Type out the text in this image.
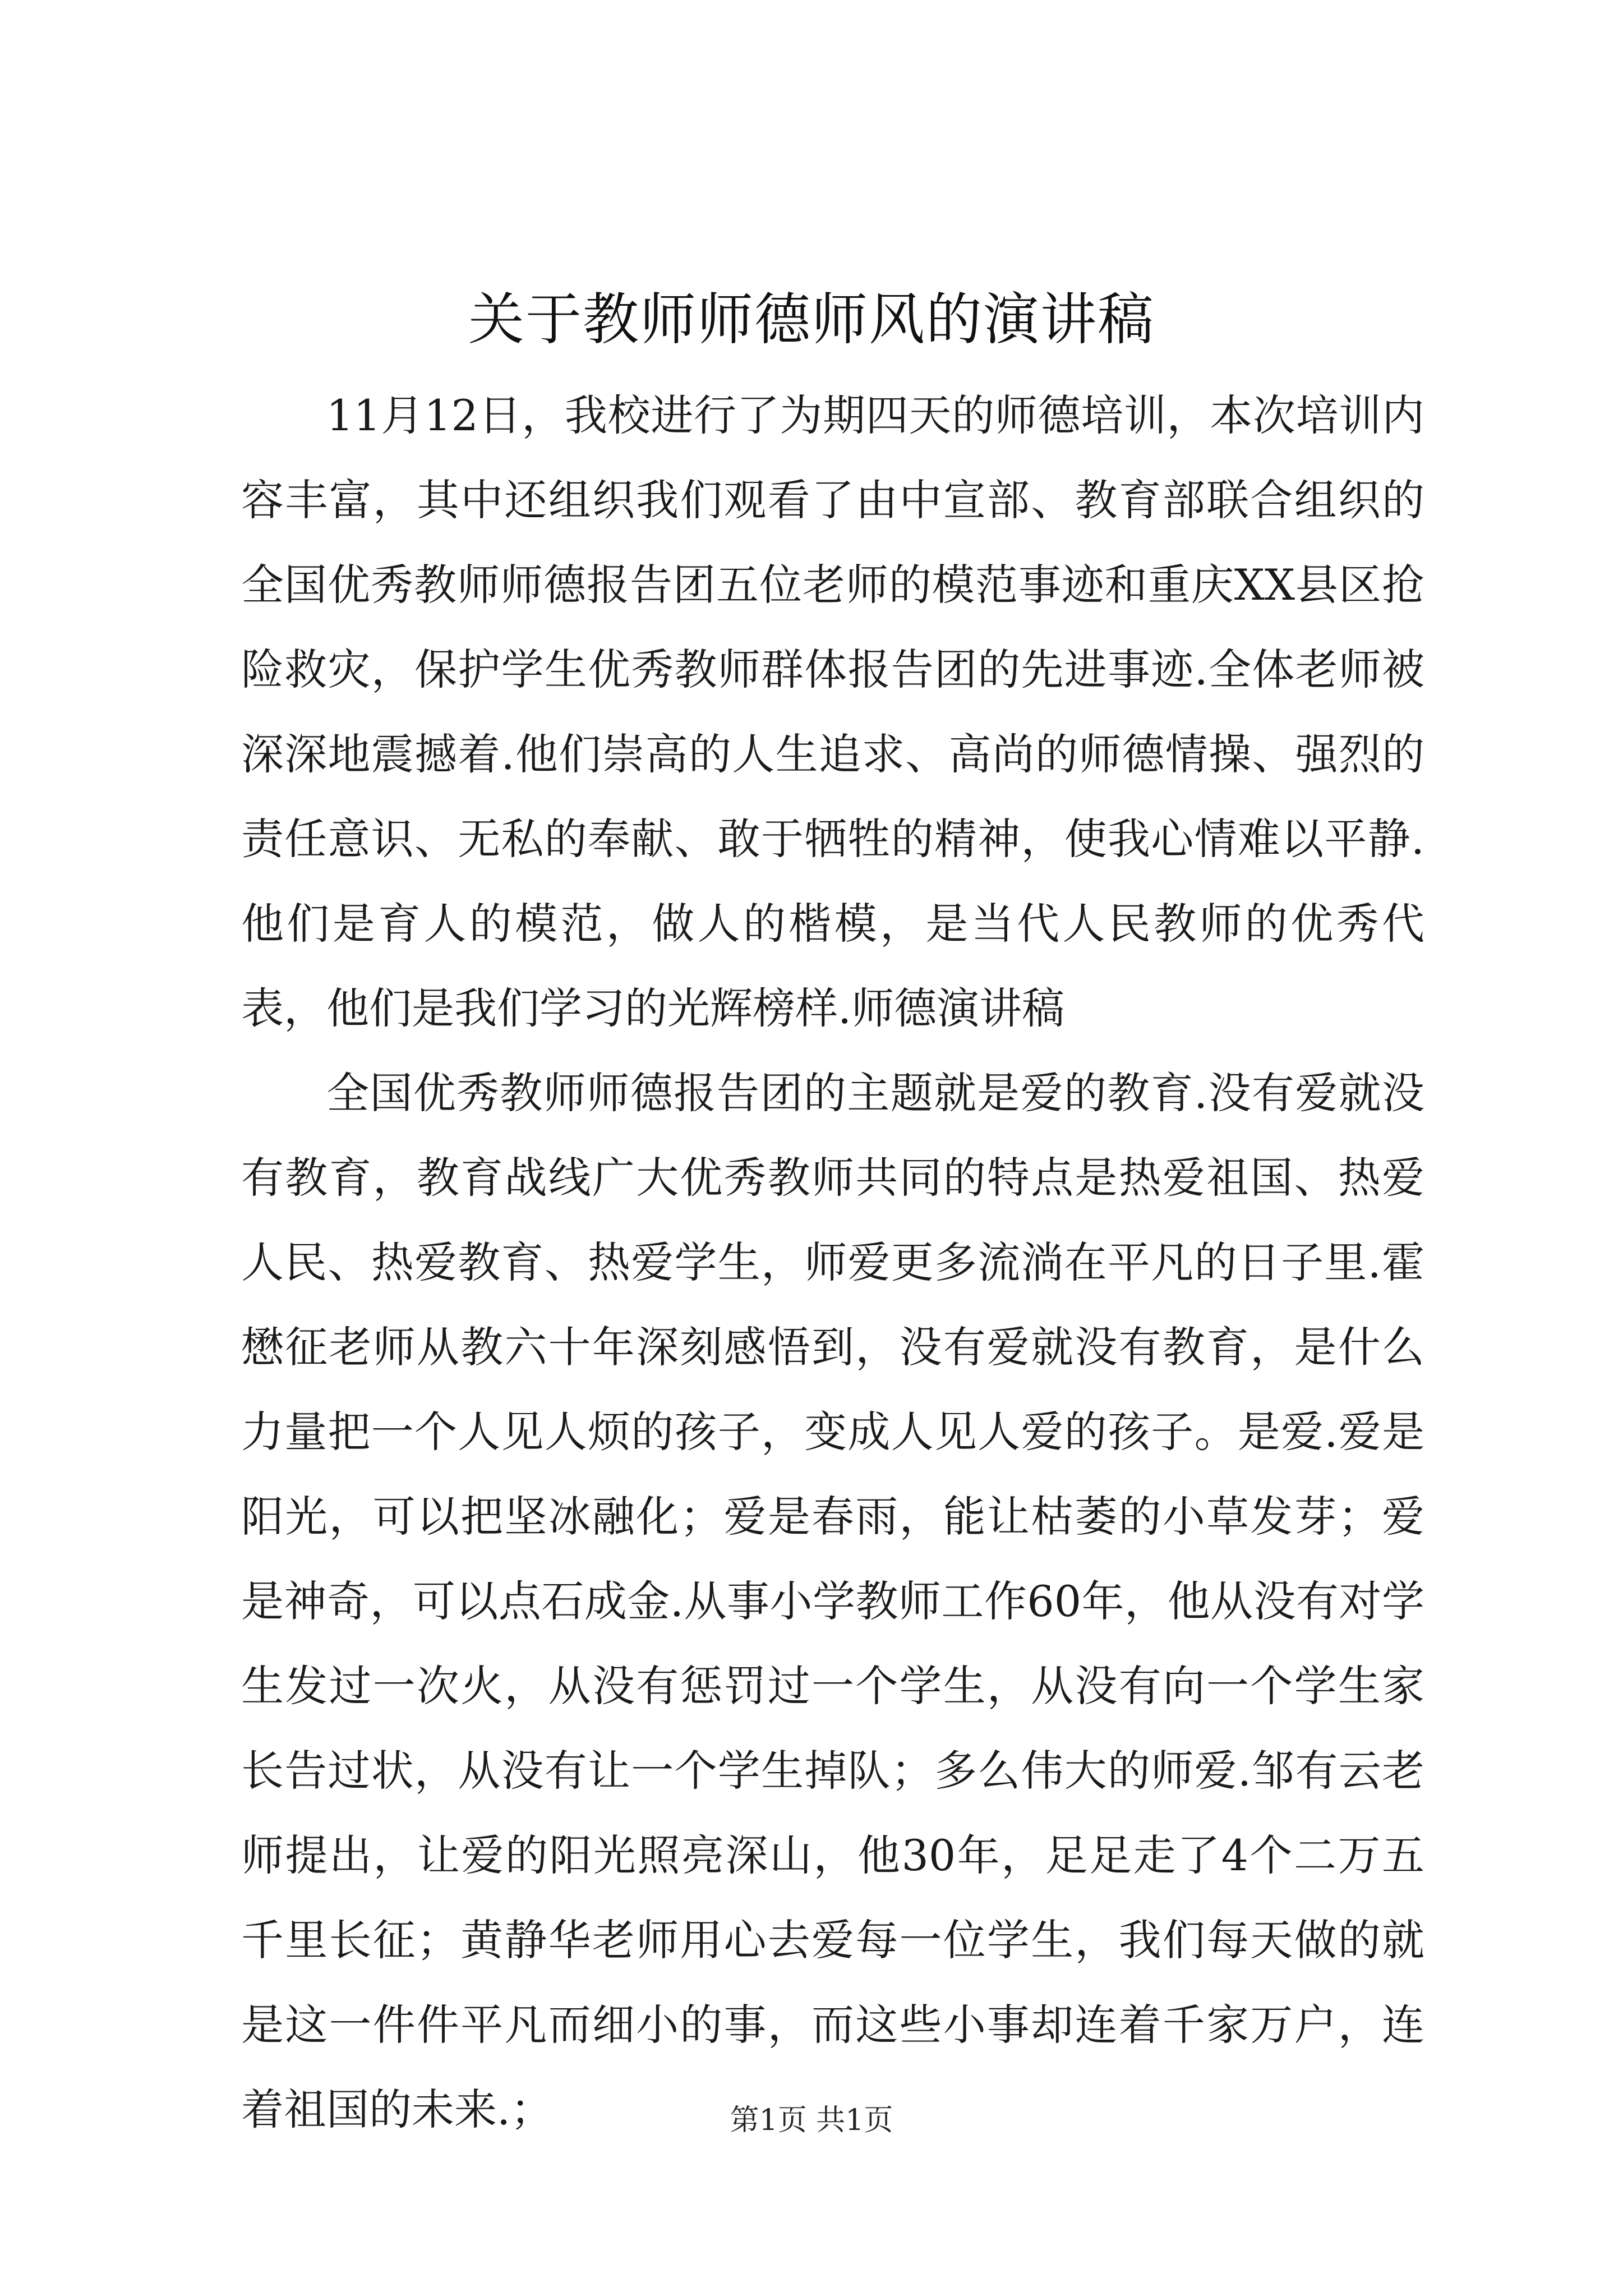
关于教师师德师风的演讲稿

11月12日，我校进行了为期四天的师德培训，本次培训内容丰富，其中还组织我们观看了由中宣部、教育部联合组织的全国优秀教师师德报告团五位老师的模范事迹和重庆XX县区抢险救灾，保护学生优秀教师群体报告团的先进事迹.全体老师被深深地震撼着.他们崇高的人生追求、高尚的师德情操、强烈的责任意识、无私的奉献、敢于牺牲的精神，使我心情难以平静.他们是育人的模范，做人的楷模，是当代人民教师的优秀代表，他们是我们学习的光辉榜样.师德演讲稿

全国优秀教师师德报告团的主题就是爱的教育.没有爱就没有教育，教育战线广大优秀教师共同的特点是热爱祖国、热爱人民、热爱教育、热爱学生，师爱更多流淌在平凡的日子里.霍懋征老师从教六十年深刻感悟到，没有爱就没有教育，是什么力量把一个人见人烦的孩子，变成人见人爱的孩子。是爱.爱是阳光，可以把坚冰融化；爱是春雨，能让枯萎的小草发芽；爱是神奇，可以点石成金.从事小学教师工作60年，他从没有对学生发过一次火，从没有惩罚过一个学生，从没有向一个学生家长告过状，从没有让一个学生掉队；多么伟大的师爱.邹有云老师提出，让爱的阳光照亮深山，他30年，足足走了4个二万五千里长征；黄静华老师用心去爱每一位学生，我们每天做的就是这一件件平凡而细小的事，而这些小事却连着千家万户，连着祖国的未来.；	第1页 共1页
